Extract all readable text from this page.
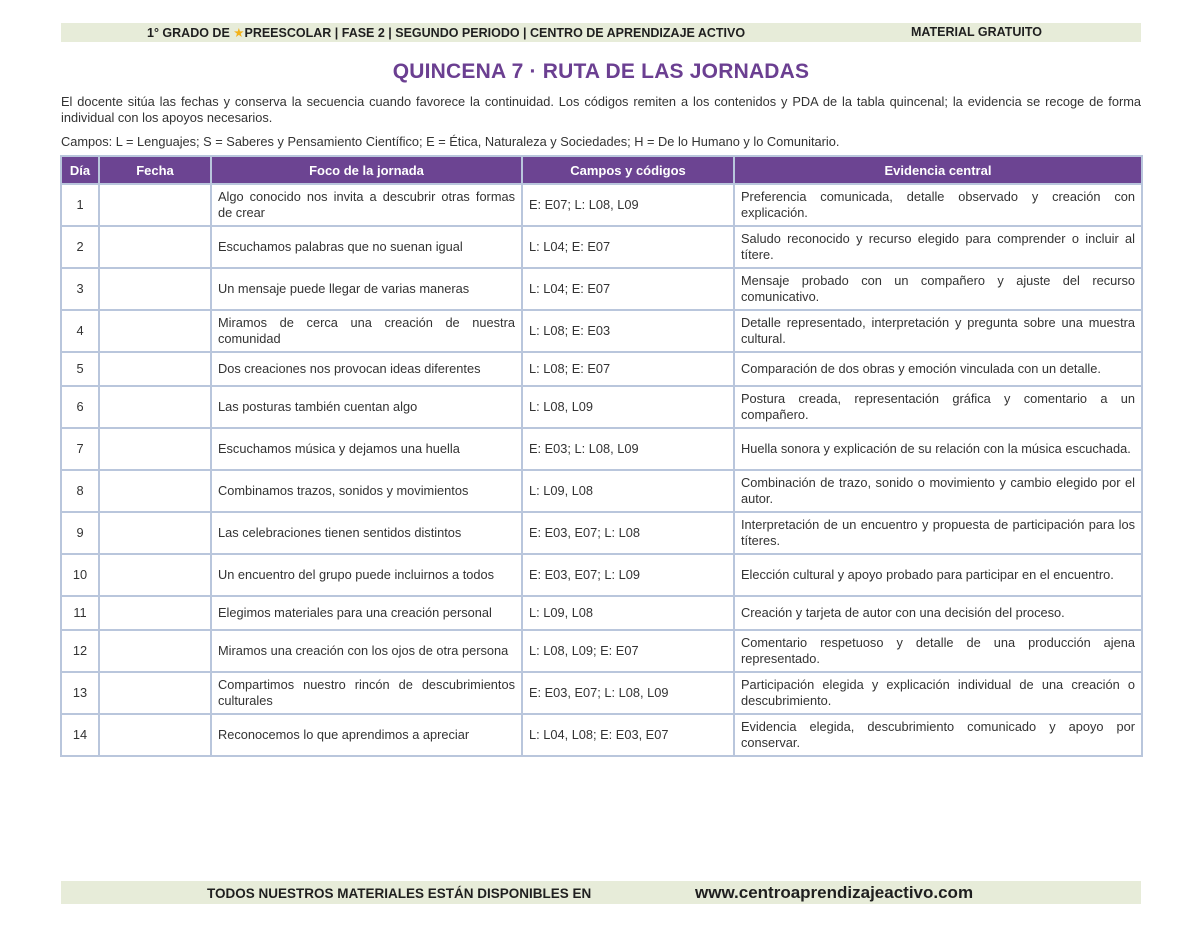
1° GRADO DE ★PREESCOLAR | FASE 2 | SEGUNDO PERIODO | CENTRO DE APRENDIZAJE ACTIVO	MATERIAL GRATUITO
QUINCENA 7 · RUTA DE LAS JORNADAS
El docente sitúa las fechas y conserva la secuencia cuando favorece la continuidad. Los códigos remiten a los contenidos y PDA de la tabla quincenal; la evidencia se recoge de forma individual con los apoyos necesarios.
Campos: L = Lenguajes; S = Saberes y Pensamiento Científico; E = Ética, Naturaleza y Sociedades; H = De lo Humano y lo Comunitario.
Día	Fecha	Foco de la jornada	Campos y códigos	Evidencia central
1		Algo conocido nos invita a descubrir otras formas de crear	E: E07; L: L08, L09	Preferencia comunicada, detalle observado y creación con explicación.
2		Escuchamos palabras que no suenan igual	L: L04; E: E07	Saludo reconocido y recurso elegido para comprender o incluir al títere.
3		Un mensaje puede llegar de varias maneras	L: L04; E: E07	Mensaje probado con un compañero y ajuste del recurso comunicativo.
4		Miramos de cerca una creación de nuestra comunidad	L: L08; E: E03	Detalle representado, interpretación y pregunta sobre una muestra cultural.
5		Dos creaciones nos provocan ideas diferentes	L: L08; E: E07	Comparación de dos obras y emoción vinculada con un detalle.
6		Las posturas también cuentan algo	L: L08, L09	Postura creada, representación gráfica y comentario a un compañero.
7		Escuchamos música y dejamos una huella	E: E03; L: L08, L09	Huella sonora y explicación de su relación con la música escuchada.
8		Combinamos trazos, sonidos y movimientos	L: L09, L08	Combinación de trazo, sonido o movimiento y cambio elegido por el autor.
9		Las celebraciones tienen sentidos distintos	E: E03, E07; L: L08	Interpretación de un encuentro y propuesta de participación para los títeres.
10		Un encuentro del grupo puede incluirnos a todos	E: E03, E07; L: L09	Elección cultural y apoyo probado para participar en el encuentro.
11		Elegimos materiales para una creación personal	L: L09, L08	Creación y tarjeta de autor con una decisión del proceso.
12		Miramos una creación con los ojos de otra persona	L: L08, L09; E: E07	Comentario respetuoso y detalle de una producción ajena representado.
13		Compartimos nuestro rincón de descubrimientos culturales	E: E03, E07; L: L08, L09	Participación elegida y explicación individual de una creación o descubrimiento.
14		Reconocemos lo que aprendimos a apreciar	L: L04, L08; E: E03, E07	Evidencia elegida, descubrimiento comunicado y apoyo por conservar.
TODOS NUESTROS MATERIALES ESTÁN DISPONIBLES EN	www.centroaprendizajeactivo.com
